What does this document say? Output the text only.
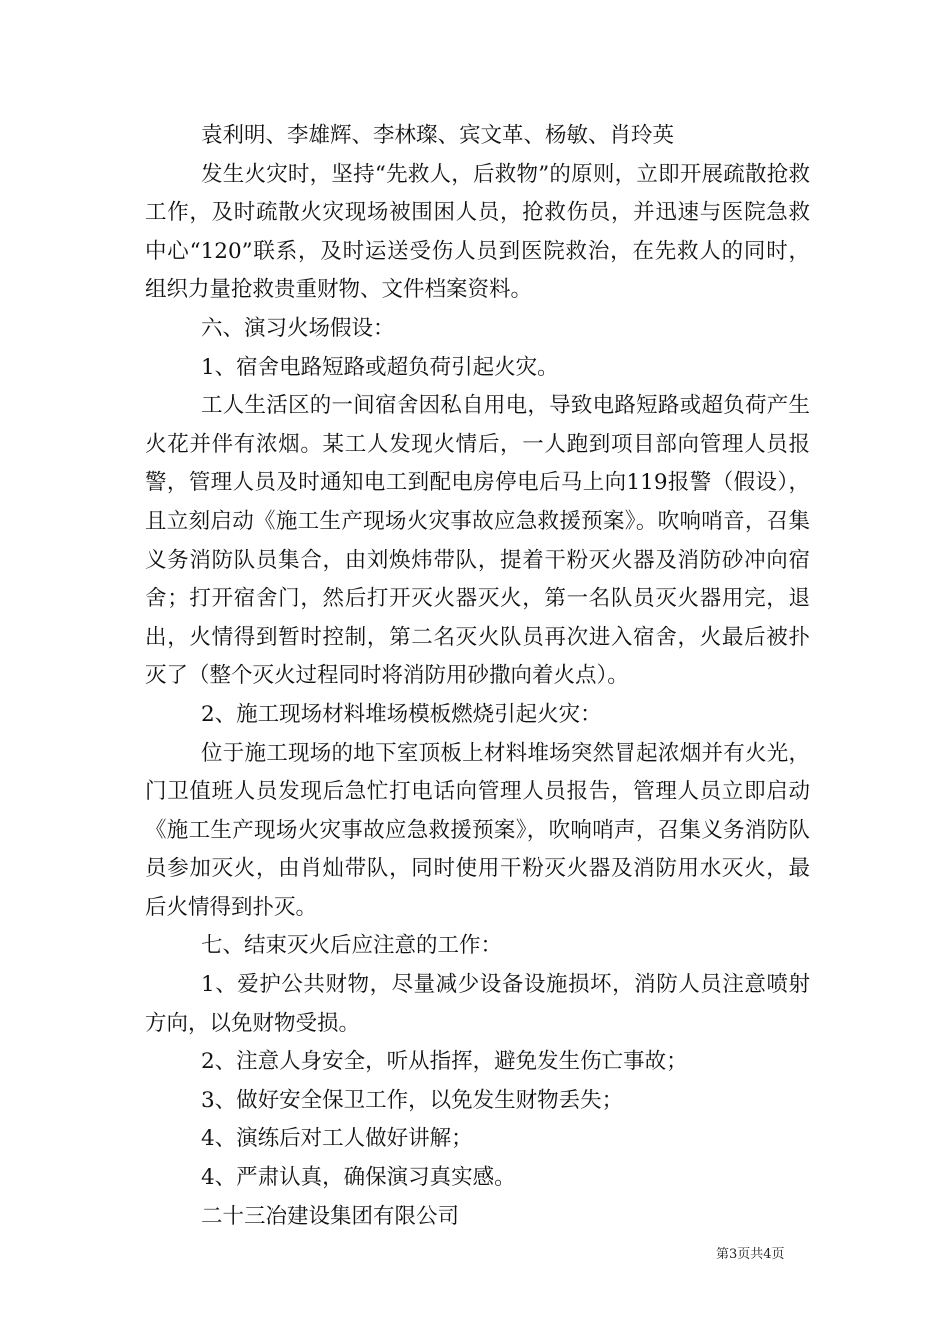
袁利明、李雄辉、李林璨、宾文革、杨敏、肖玲英

发生火灾时，坚持“先救人，后救物”的原则，立即开展疏散抢救工作，及时疏散火灾现场被围困人员，抢救伤员，并迅速与医院急救中心“120”联系，及时运送受伤人员到医院救治，在先救人的同时，组织力量抢救贵重财物、文件档案资料。

六、演习火场假设：

1、宿舍电路短路或超负荷引起火灾。

工人生活区的一间宿舍因私自用电，导致电路短路或超负荷产生火花并伴有浓烟。某工人发现火情后，一人跑到项目部向管理人员报警，管理人员及时通知电工到配电房停电后马上向119报警（假设），且立刻启动《施工生产现场火灾事故应急救援预案》。吹响哨音，召集义务消防队员集合，由刘焕炜带队，提着干粉灭火器及消防砂冲向宿舍；打开宿舍门，然后打开灭火器灭火，第一名队员灭火器用完，退出，火情得到暂时控制，第二名灭火队员再次进入宿舍，火最后被扑灭了（整个灭火过程同时将消防用砂撒向着火点）。

2、施工现场材料堆场模板燃烧引起火灾：

位于施工现场的地下室顶板上材料堆场突然冒起浓烟并有火光，门卫值班人员发现后急忙打电话向管理人员报告，管理人员立即启动《施工生产现场火灾事故应急救援预案》，吹响哨声，召集义务消防队员参加灭火，由肖灿带队，同时使用干粉灭火器及消防用水灭火，最后火情得到扑灭。

七、结束灭火后应注意的工作：

1、爱护公共财物，尽量减少设备设施损坏，消防人员注意喷射方向，以免财物受损。

2、注意人身安全，听从指挥，避免发生伤亡事故；

3、做好安全保卫工作，以免发生财物丢失；

4、演练后对工人做好讲解；

4、严肃认真，确保演习真实感。

二十三冶建设集团有限公司

第3页共4页
